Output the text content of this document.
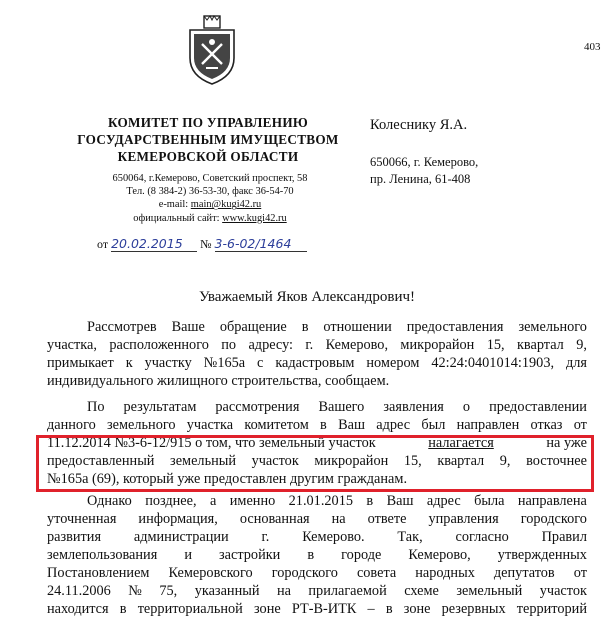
403
КОМИТЕТ ПО УПРАВЛЕНИЮ
ГОСУДАРСТВЕННЫМ ИМУЩЕСТВОМ
КЕМЕРОВСКОЙ ОБЛАСТИ
650064, г.Кемерово, Советский проспект, 58
Тел. (8 384-2) 36-53-30, факс 36-54-70
e-mail: main@kugi42.ru
официальный сайт: www.kugi42.ru
Колеснику Я.А.
650066, г. Кемерово,
пр. Ленина, 61-408
от 20.02.2015	№ 3-6-02/1464
Уважаемый Яков Александрович!
Рассмотрев Ваше обращение в отношении предоставления земельного
участка, расположенного по адресу: г. Кемерово, микрорайон 15, квартал 9,
примыкает к участку №165а с кадастровым номером 42:24:0401014:1903, для
индивидуального жилищного строительства, сообщаем.
По результатам рассмотрения Вашего заявления о предоставлении
данного земельного участка комитетом в Ваш адрес был направлен отказ от
11.12.2014 №3-6-12/915 о том, что земельный участок	налагается	на уже
предоставленный земельный участок микрорайон 15, квартал 9, восточнее
№165а (69), который уже предоставлен другим гражданам.
Однако позднее, а именно 21.01.2015 в Ваш адрес была направлена
уточненная информация, основанная на ответе управления городского
развития администрации г. Кемерово. Так, согласно Правил
землепользования и застройки в городе Кемерово, утвержденных
Постановлением Кемеровского городского совета народных депутатов от
24.11.2006 № 75, указанный на прилагаемой схеме земельный участок
находится в территориальной зоне РТ-В-ИТК – в зоне резервных территорий
